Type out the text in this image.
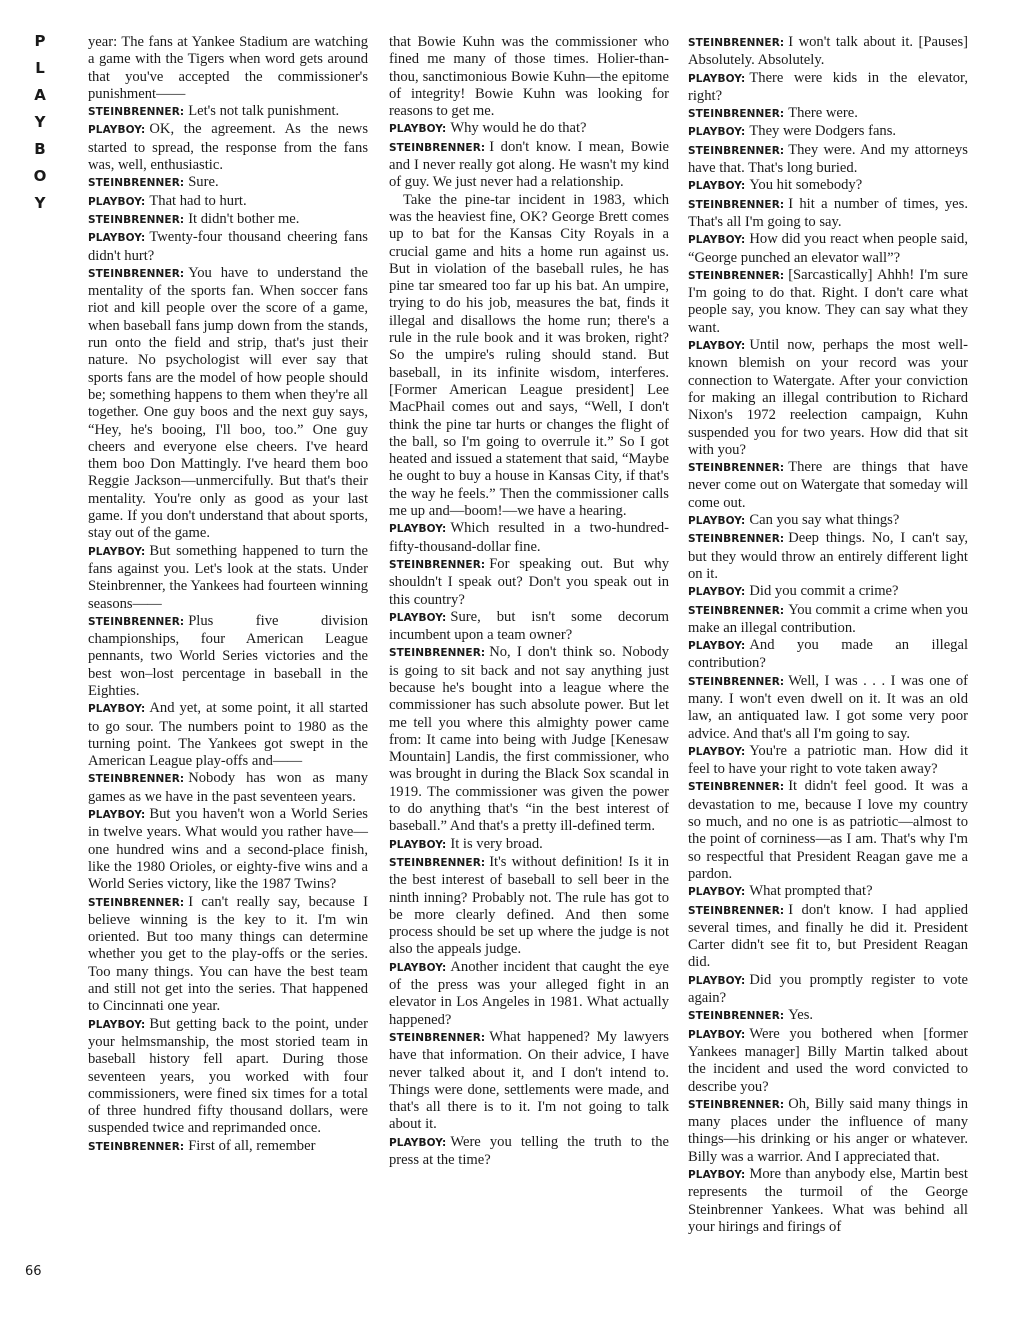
P
L
A
Y
B
O
Y

year: The fans at Yankee Stadium are watching a game with the Tigers when word gets around that you've accepted the commissioner's punishment——

STEINBRENNER: Let's not talk punishment.

PLAYBOY: OK, the agreement. As the news started to spread, the response from the fans was, well, enthusiastic.

STEINBRENNER: Sure.

PLAYBOY: That had to hurt.

STEINBRENNER: It didn't bother me.

PLAYBOY: Twenty-four thousand cheering fans didn't hurt?

STEINBRENNER: You have to understand the mentality of the sports fan. When soccer fans riot and kill people over the score of a game, when baseball fans jump down from the stands, run onto the field and strip, that's just their nature. No psychologist will ever say that sports fans are the model of how people should be; something happens to them when they're all together. One guy boos and the next guy says, “Hey, he's booing, I'll boo, too.” One guy cheers and everyone else cheers. I've heard them boo Don Mattingly. I've heard them boo Reggie Jackson—unmercifully. But that's their mentality. You're only as good as your last game. If you don't understand that about sports, stay out of the game.

PLAYBOY: But something happened to turn the fans against you. Let's look at the stats. Under Steinbrenner, the Yankees had fourteen winning seasons——

STEINBRENNER: Plus five division championships, four American League pennants, two World Series victories and the best won–lost percentage in baseball in the Eighties.

PLAYBOY: And yet, at some point, it all started to go sour. The numbers point to 1980 as the turning point. The Yankees got swept in the American League play-offs and——

STEINBRENNER: Nobody has won as many games as we have in the past seventeen years.

PLAYBOY: But you haven't won a World Series in twelve years. What would you rather have—one hundred wins and a second-place finish, like the 1980 Orioles, or eighty-five wins and a World Series victory, like the 1987 Twins?

STEINBRENNER: I can't really say, because I believe winning is the key to it. I'm win oriented. But too many things can determine whether you get to the play-offs or the series. Too many things. You can have the best team and still not get into the series. That happened to Cincinnati one year.

PLAYBOY: But getting back to the point, under your helmsmanship, the most storied team in baseball history fell apart. During those seventeen years, you worked with four commissioners, were fined six times for a total of three hundred fifty thousand dollars, were suspended twice and reprimanded once.

STEINBRENNER: First of all, remember

that Bowie Kuhn was the commissioner who fined me many of those times. Holier-than-thou, sanctimonious Bowie Kuhn—the epitome of integrity! Bowie Kuhn was looking for reasons to get me.

PLAYBOY: Why would he do that?

STEINBRENNER: I don't know. I mean, Bowie and I never really got along. He wasn't my kind of guy. We just never had a relationship.

Take the pine-tar incident in 1983, which was the heaviest fine, OK? George Brett comes up to bat for the Kansas City Royals in a crucial game and hits a home run against us. But in violation of the baseball rules, he has pine tar smeared too far up his bat. An umpire, trying to do his job, measures the bat, finds it illegal and disallows the home run; there's a rule in the rule book and it was broken, right? So the umpire's ruling should stand. But baseball, in its infinite wisdom, interferes. [Former American League president] Lee MacPhail comes out and says, “Well, I don't think the pine tar hurts or changes the flight of the ball, so I'm going to overrule it.” So I got heated and issued a statement that said, “Maybe he ought to buy a house in Kansas City, if that's the way he feels.” Then the commissioner calls me up and—boom!—we have a hearing.

PLAYBOY: Which resulted in a two-hundred-fifty-thousand-dollar fine.

STEINBRENNER: For speaking out. But why shouldn't I speak out? Don't you speak out in this country?

PLAYBOY: Sure, but isn't some decorum incumbent upon a team owner?

STEINBRENNER: No, I don't think so. Nobody is going to sit back and not say anything just because he's bought into a league where the commissioner has such absolute power. But let me tell you where this almighty power came from: It came into being with Judge [Kenesaw Mountain] Landis, the first commissioner, who was brought in during the Black Sox scandal in 1919. The commissioner was given the power to do anything that's “in the best interest of baseball.” And that's a pretty ill-defined term.

PLAYBOY: It is very broad.

STEINBRENNER: It's without definition! Is it in the best interest of baseball to sell beer in the ninth inning? Probably not. The rule has got to be more clearly defined. And then some process should be set up where the judge is not also the appeals judge.

PLAYBOY: Another incident that caught the eye of the press was your alleged fight in an elevator in Los Angeles in 1981. What actually happened?

STEINBRENNER: What happened? My lawyers have that information. On their advice, I have never talked about it, and I don't intend to. Things were done, settlements were made, and that's all there is to it. I'm not going to talk about it.

PLAYBOY: Were you telling the truth to the press at the time?

STEINBRENNER: I won't talk about it. [Pauses] Absolutely. Absolutely.

PLAYBOY: There were kids in the elevator, right?

STEINBRENNER: There were.

PLAYBOY: They were Dodgers fans.

STEINBRENNER: They were. And my attorneys have that. That's long buried.

PLAYBOY: You hit somebody?

STEINBRENNER: I hit a number of times, yes. That's all I'm going to say.

PLAYBOY: How did you react when people said, “George punched an elevator wall”?

STEINBRENNER: [Sarcastically] Ahhh! I'm sure I'm going to do that. Right. I don't care what people say, you know. They can say what they want.

PLAYBOY: Until now, perhaps the most well-known blemish on your record was your connection to Watergate. After your conviction for making an illegal contribution to Richard Nixon's 1972 reelection campaign, Kuhn suspended you for two years. How did that sit with you?

STEINBRENNER: There are things that have never come out on Watergate that someday will come out.

PLAYBOY: Can you say what things?

STEINBRENNER: Deep things. No, I can't say, but they would throw an entirely different light on it.

PLAYBOY: Did you commit a crime?

STEINBRENNER: You commit a crime when you make an illegal contribution.

PLAYBOY: And you made an illegal contribution?

STEINBRENNER: Well, I was . . . I was one of many. I won't even dwell on it. It was an old law, an antiquated law. I got some very poor advice. And that's all I'm going to say.

PLAYBOY: You're a patriotic man. How did it feel to have your right to vote taken away?

STEINBRENNER: It didn't feel good. It was a devastation to me, because I love my country so much, and no one is as patriotic—almost to the point of corniness—as I am. That's why I'm so respectful that President Reagan gave me a pardon.

PLAYBOY: What prompted that?

STEINBRENNER: I don't know. I had applied several times, and finally he did it. President Carter didn't see fit to, but President Reagan did.

PLAYBOY: Did you promptly register to vote again?

STEINBRENNER: Yes.

PLAYBOY: Were you bothered when [former Yankees manager] Billy Martin talked about the incident and used the word convicted to describe you?

STEINBRENNER: Oh, Billy said many things in many places under the influence of many things—his drinking or his anger or whatever. Billy was a warrior. And I appreciated that.

PLAYBOY: More than anybody else, Martin best represents the turmoil of the George Steinbrenner Yankees. What was behind all your hirings and firings of

66
